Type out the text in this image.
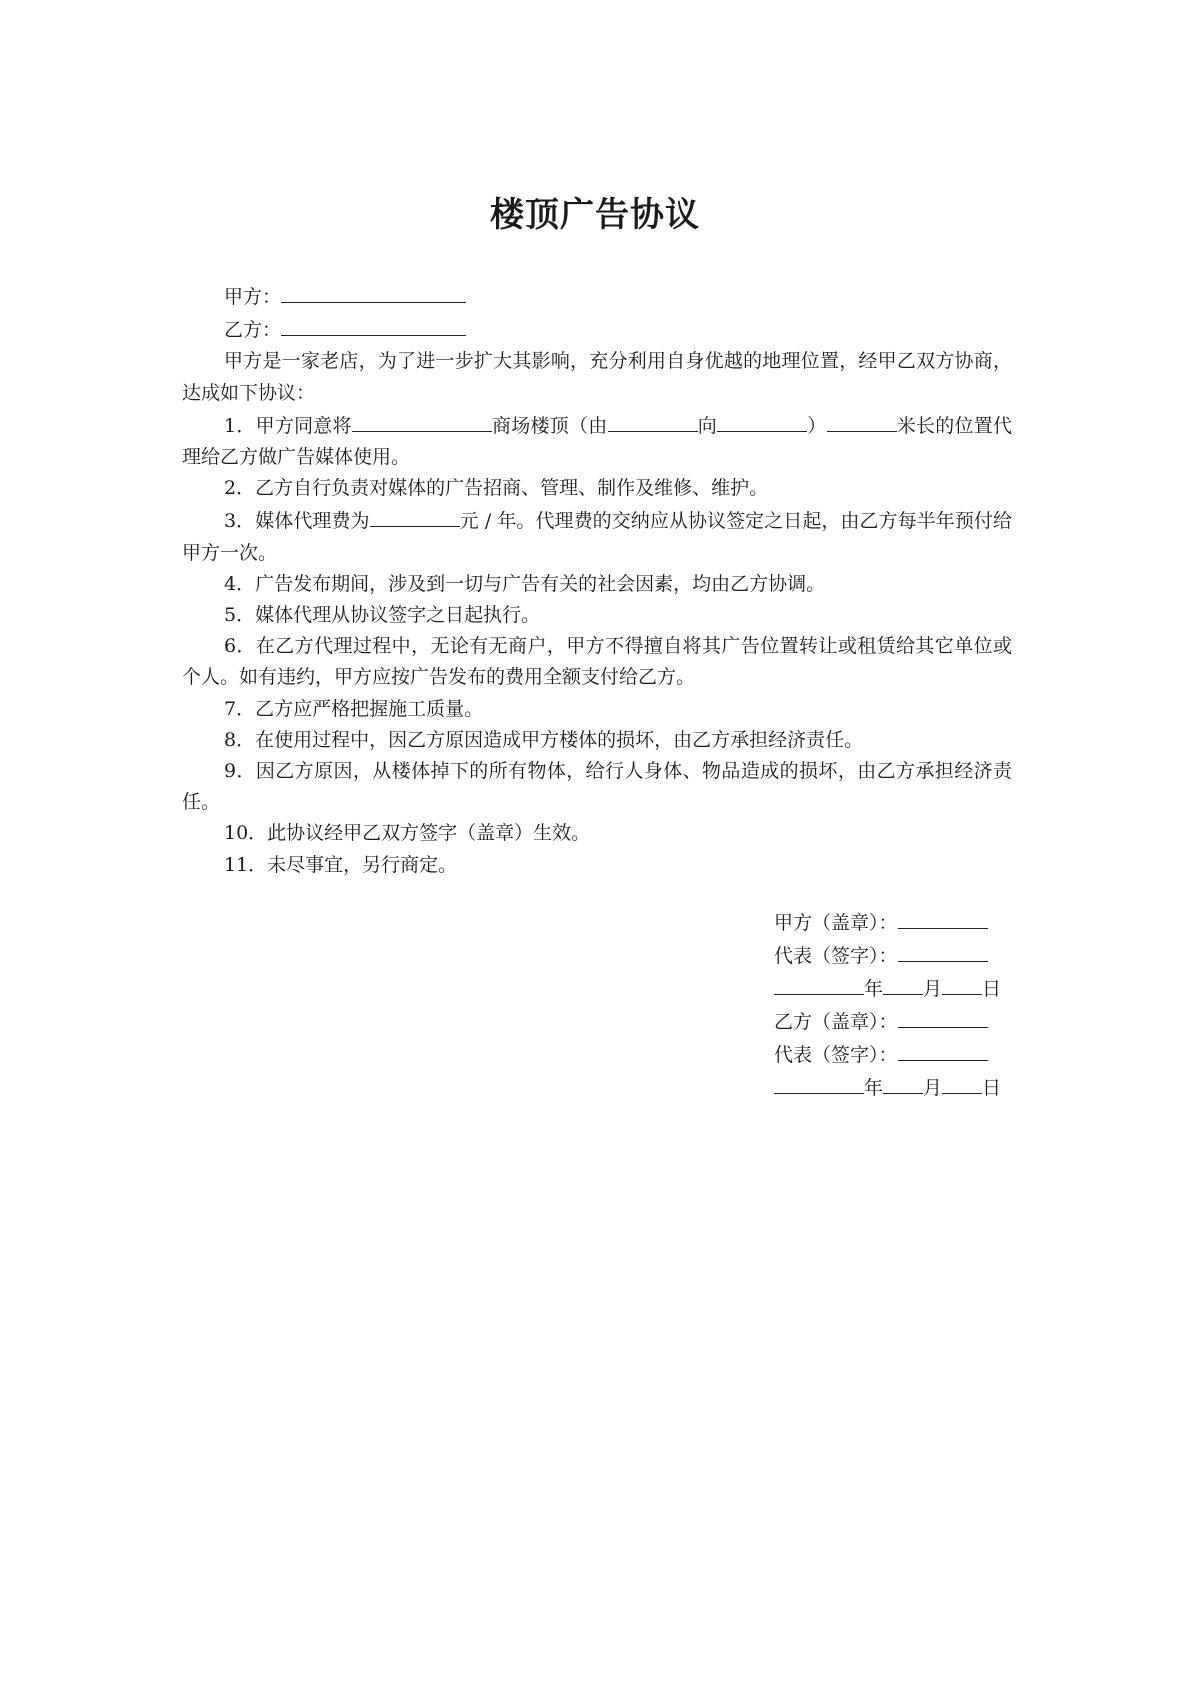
楼顶广告协议

甲方：

乙方：

甲方是一家老店，为了进一步扩大其影响，充分利用自身优越的地理位置，经甲乙双方协商，达成如下协议：

1．甲方同意将	商场楼顶（由	向	）	米长的位置代理给乙方做广告媒体使用。

2．乙方自行负责对媒体的广告招商、管理、制作及维修、维护。

3．媒体代理费为	元 / 年。代理费的交纳应从协议签定之日起，由乙方每半年预付给甲方一次。

4．广告发布期间，涉及到一切与广告有关的社会因素，均由乙方协调。

5．媒体代理从协议签字之日起执行。

6．在乙方代理过程中，无论有无商户，甲方不得擅自将其广告位置转让或租赁给其它单位或个人。如有违约，甲方应按广告发布的费用全额支付给乙方。

7．乙方应严格把握施工质量。

8．在使用过程中，因乙方原因造成甲方楼体的损坏，由乙方承担经济责任。

9．因乙方原因，从楼体掉下的所有物体，给行人身体、物品造成的损坏，由乙方承担经济责任。

10．此协议经甲乙双方签字（盖章）生效。

11．未尽事宜，另行商定。

甲方（盖章）：
代表（签字）：
年 月 日
乙方（盖章）：
代表（签字）：
年 月 日
